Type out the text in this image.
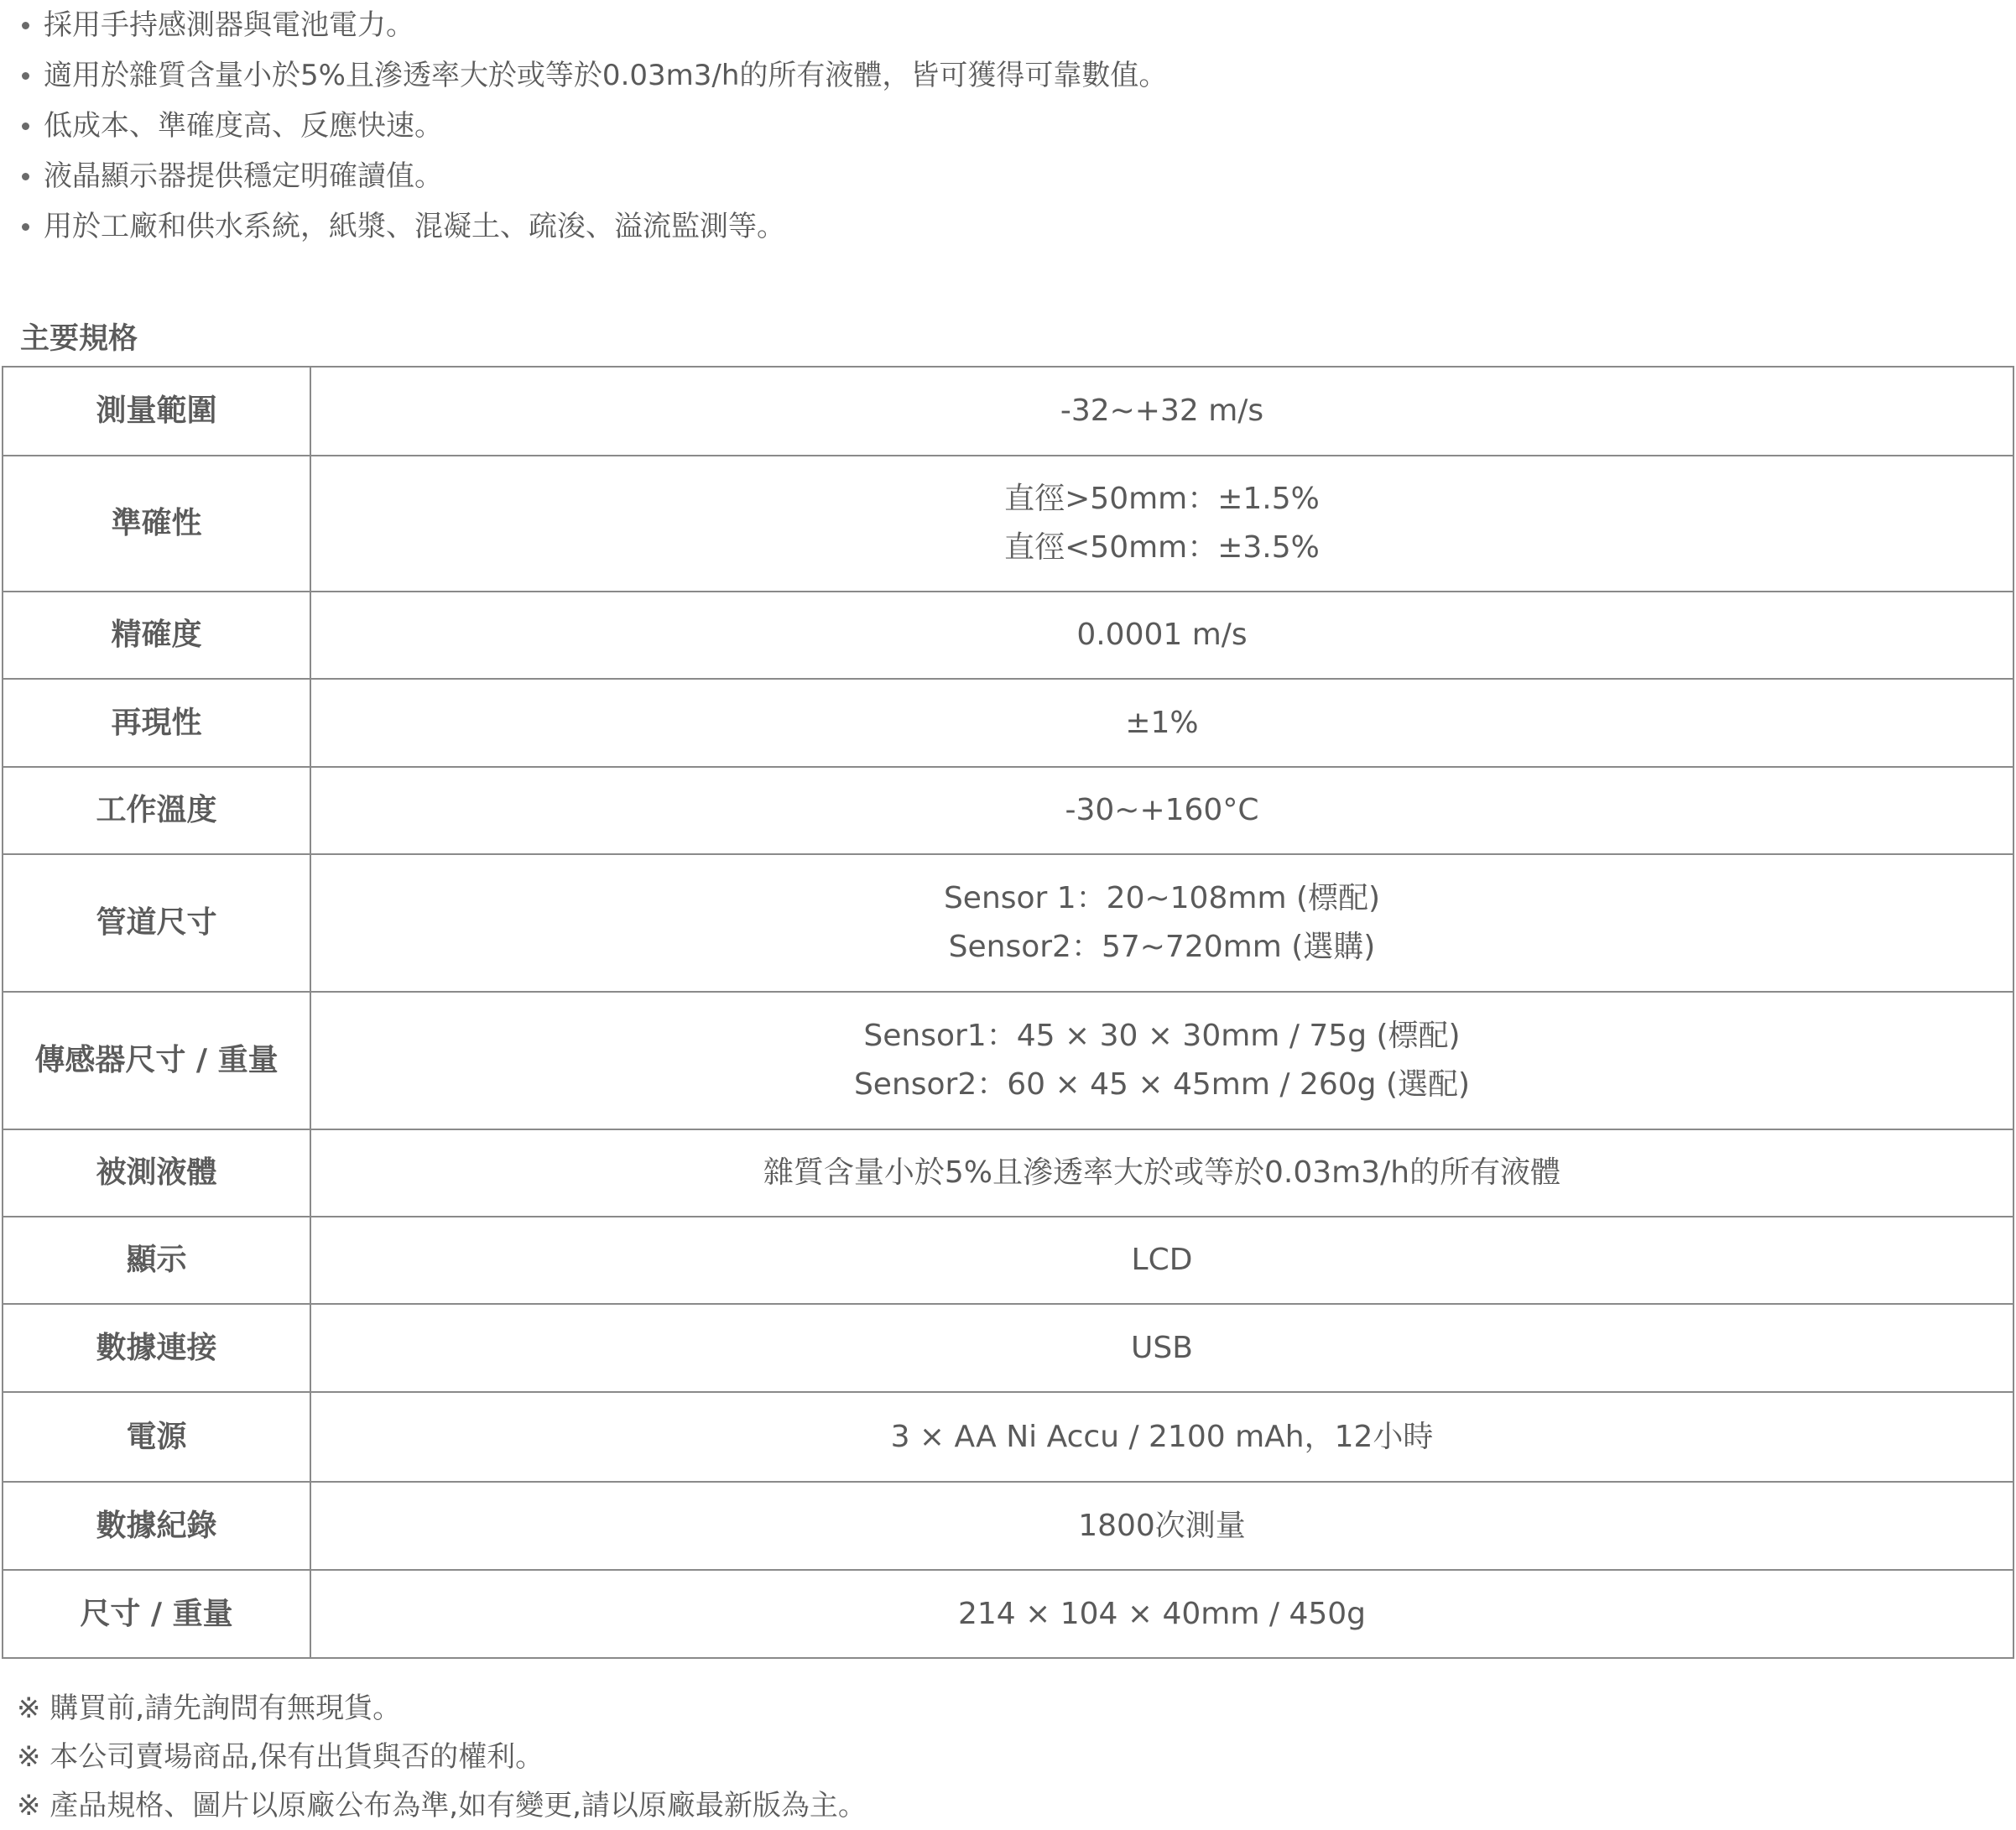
採用手持感測器與電池電力。
適用於雜質含量小於5%且滲透率大於或等於0.03m3/h的所有液體，皆可獲得可靠數值。
低成本、準確度高、反應快速。
液晶顯示器提供穩定明確讀值。
用於工廠和供水系統，紙漿、混凝土、疏浚、溢流監測等。
主要規格
測量範圍	-32~+32 m/s

準確性	直徑>50mm：±1.5%
直徑<50mm：±3.5%

精確度	0.0001 m/s

再現性	±1%

工作溫度	-30~+160°C

管道尺寸	Sensor 1：20~108mm (標配)
Sensor2：57~720mm (選購)

傳感器尺寸 / 重量	Sensor1：45 × 30 × 30mm / 75g (標配)
Sensor2：60 × 45 × 45mm / 260g (選配)

被測液體	雜質含量小於5%且滲透率大於或等於0.03m3/h的所有液體

顯示	LCD

數據連接	USB

電源	3 × AA Ni Accu / 2100 mAh，12小時

數據紀錄	1800次測量

尺寸 / 重量	214 × 104 × 40mm / 450g
※ 購買前,請先詢問有無現貨。
※ 本公司賣場商品,保有出貨與否的權利。
※ 產品規格、圖片以原廠公布為準,如有變更,請以原廠最新版為主。
